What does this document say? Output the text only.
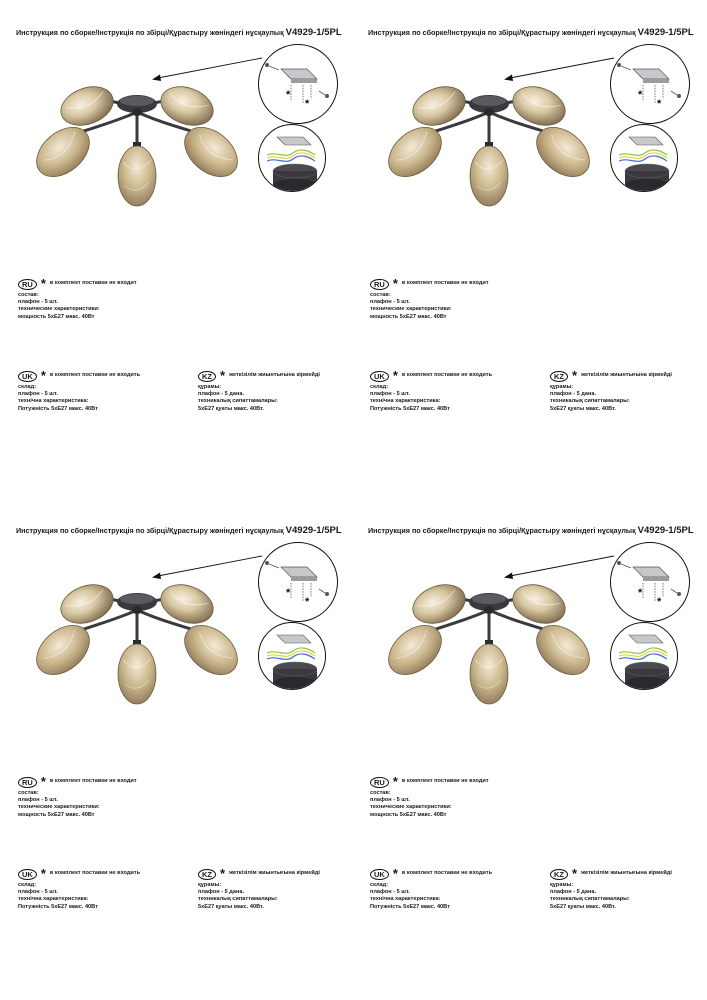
Инструкция по сборке/Інструкція по збірці/Құрастыру жөніндегі нұсқаулық V4929-1/5PL
*
*
RU * в комплект поставки не входит
состав:
плафон - 5 шт.
технические характеристики:
мощность 5хЕ27 макс. 40Вт
UK * в комплект поставки не входить
склад:
плафон - 5 шт.
технічна характеристика:
Потужність 5хЕ27 макс. 40Вт
KZ * жеткізілім жиынтығына кірмейді
құрамы:
плафон - 5 дана.
техникалық сипаттамалары:
5хЕ27 қуаты макс. 40Вт.
Инструкция по сборке/Інструкція по збірці/Құрастыру жөніндегі нұсқаулық V4929-1/5PL
*
*
RU * в комплект поставки не входит
состав:
плафон - 5 шт.
технические характеристики:
мощность 5хЕ27 макс. 40Вт
UK * в комплект поставки не входить
склад:
плафон - 5 шт.
технічна характеристика:
Потужність 5хЕ27 макс. 40Вт
KZ * жеткізілім жиынтығына кірмейді
құрамы:
плафон - 5 дана.
техникалық сипаттамалары:
5хЕ27 қуаты макс. 40Вт.
Инструкция по сборке/Інструкція по збірці/Құрастыру жөніндегі нұсқаулық V4929-1/5PL
*
*
RU * в комплект поставки не входит
состав:
плафон - 5 шт.
технические характеристики:
мощность 5хЕ27 макс. 40Вт
UK * в комплект поставки не входить
склад:
плафон - 5 шт.
технічна характеристика:
Потужність 5хЕ27 макс. 40Вт
KZ * жеткізілім жиынтығына кірмейді
құрамы:
плафон - 5 дана.
техникалық сипаттамалары:
5хЕ27 қуаты макс. 40Вт.
Инструкция по сборке/Інструкція по збірці/Құрастыру жөніндегі нұсқаулық V4929-1/5PL
*
*
RU * в комплект поставки не входит
состав:
плафон - 5 шт.
технические характеристики:
мощность 5хЕ27 макс. 40Вт
UK * в комплект поставки не входить
склад:
плафон - 5 шт.
технічна характеристика:
Потужність 5хЕ27 макс. 40Вт
KZ * жеткізілім жиынтығына кірмейді
құрамы:
плафон - 5 дана.
техникалық сипаттамалары:
5хЕ27 қуаты макс. 40Вт.
